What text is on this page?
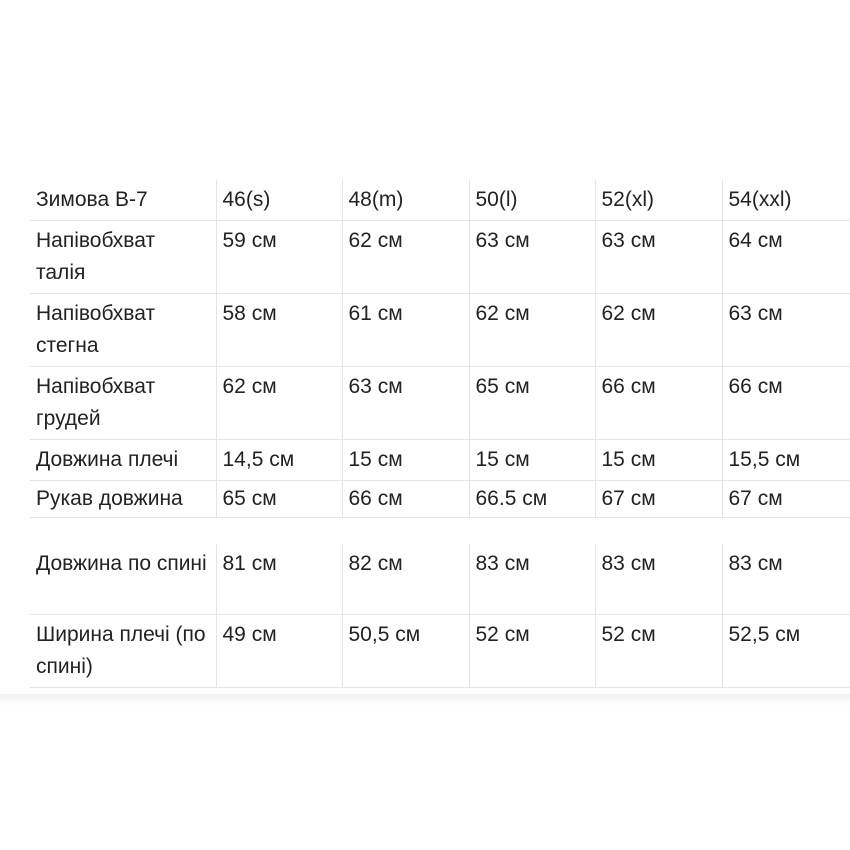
Зимова В-7	46(s)	48(m)	50(l)	52(xl)	54(xxl)
Напівобхват талія	59 см	62 см	63 см	63 см	64 см
Напівобхват стегна	58 см	61 см	62 см	62 см	63 см
Напівобхват грудей	62 см	63 см	65 см	66 см	66 см
Довжина плечі	14,5 см	15 см	15 см	15 см	15,5 см
Рукав довжина	65 см	66 см	66.5 см	67 см	67 см
Довжина по спині	81 см	82 см	83 см	83 см	83 см
Ширина плечі (по спині)	49 см	50,5 см	52 см	52 см	52,5 см
